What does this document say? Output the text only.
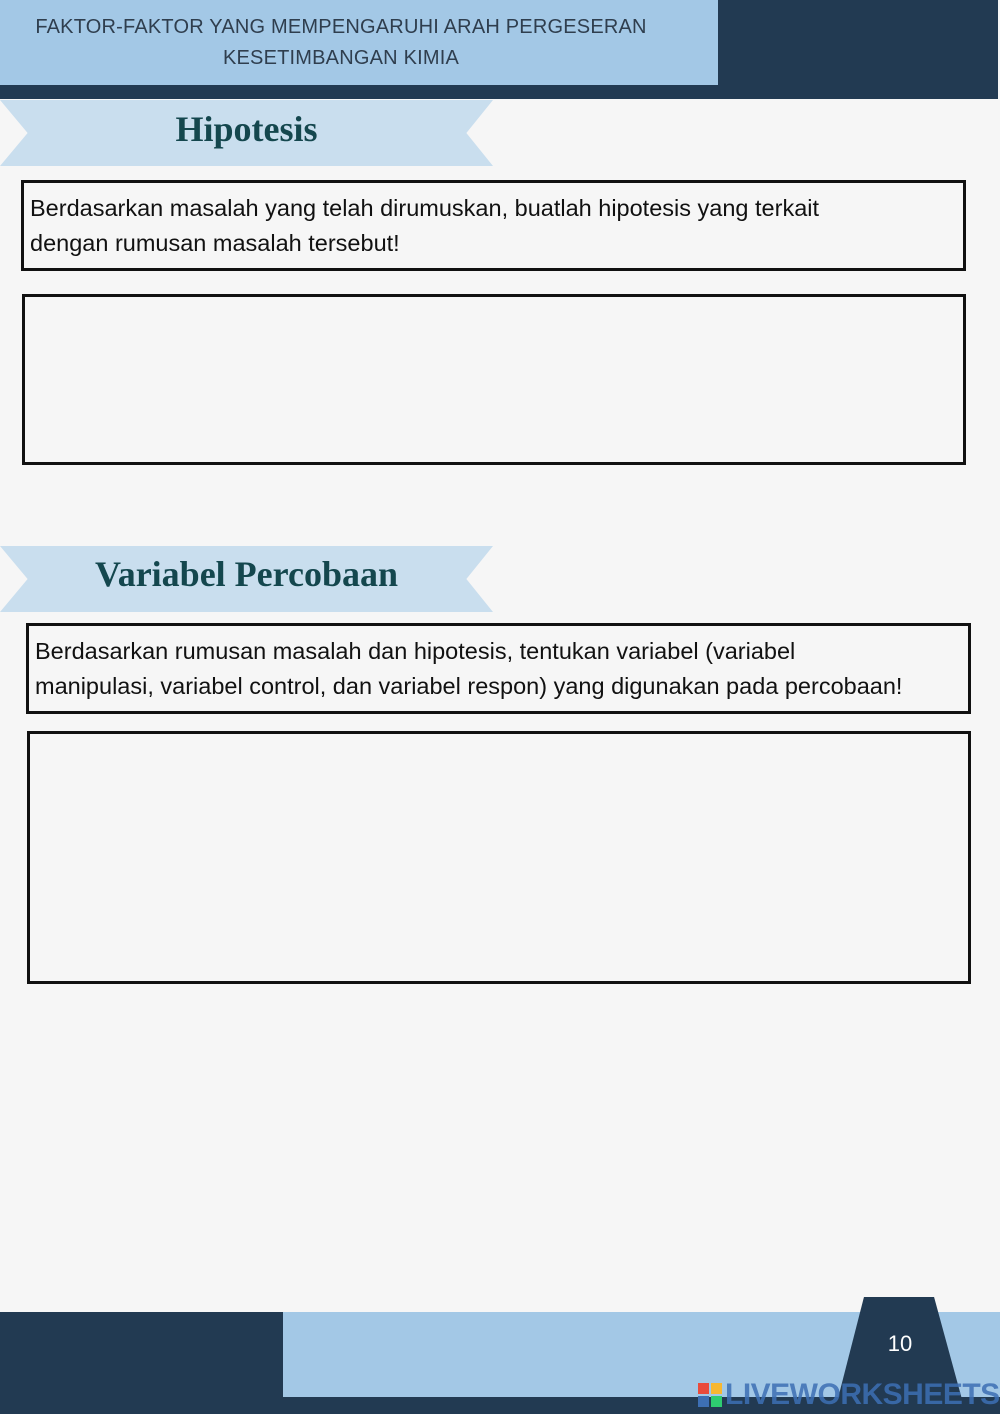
FAKTOR-FAKTOR YANG MEMPENGARUHI ARAH PERGESERAN
KESETIMBANGAN KIMIA
Hipotesis
Berdasarkan masalah yang telah dirumuskan, buatlah hipotesis yang terkait
dengan rumusan masalah tersebut!
Variabel Percobaan
Berdasarkan rumusan masalah dan hipotesis, tentukan variabel (variabel
manipulasi, variabel control, dan variabel respon) yang digunakan pada percobaan!
10
LIVEWORKSHEETS
